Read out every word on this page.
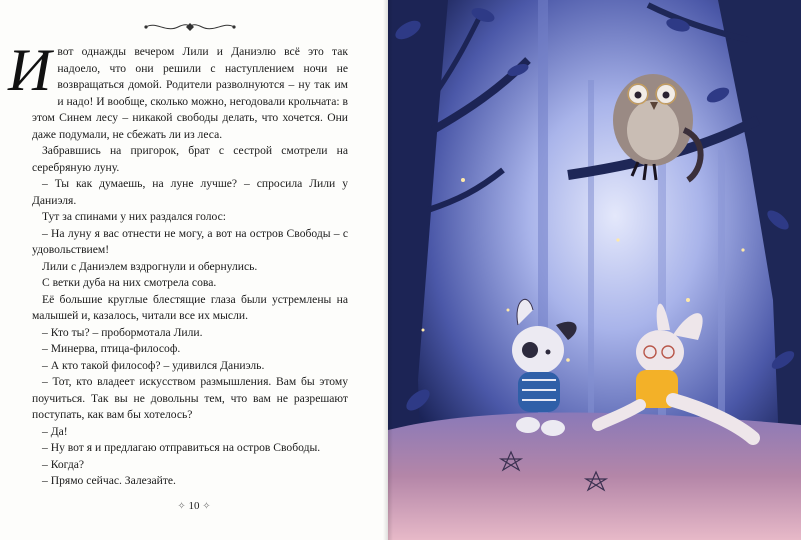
Ивот однажды вечером Лили и Даниэлю всё это так надоело, что они решили с наступлением ночи не возвращаться домой. Родители разволнуются – ну так им и надо! И вообще, сколько можно, негодовали крольчата: в этом Синем лесу – никакой свободы делать, что хочется. Они даже подумали, не сбежать ли из леса.

Забравшись на пригорок, брат с сестрой смотрели на серебряную луну.

– Ты как думаешь, на луне лучше? – спросила Лили у Даниэля.

Тут за спинами у них раздался голос:

– На луну я вас отнести не могу, а вот на остров Свободы – с удовольствием!

Лили с Даниэлем вздрогнули и обернулись.

С ветки дуба на них смотрела сова.

Её большие круглые блестящие глаза были устремлены на малышей и, казалось, читали все их мысли.

– Кто ты? – пробормотала Лили.

– Минерва, птица-философ.

– А кто такой философ? – удивился Даниэль.

– Тот, кто владеет искусством размышления. Вам бы этому поучиться. Так вы не довольны тем, что вам не разрешают поступать, как вам бы хотелось?

– Да!

– Ну вот я и предлагаю отправиться на остров Свободы.

– Когда?

– Прямо сейчас. Залезайте.

✧ 10 ✧
